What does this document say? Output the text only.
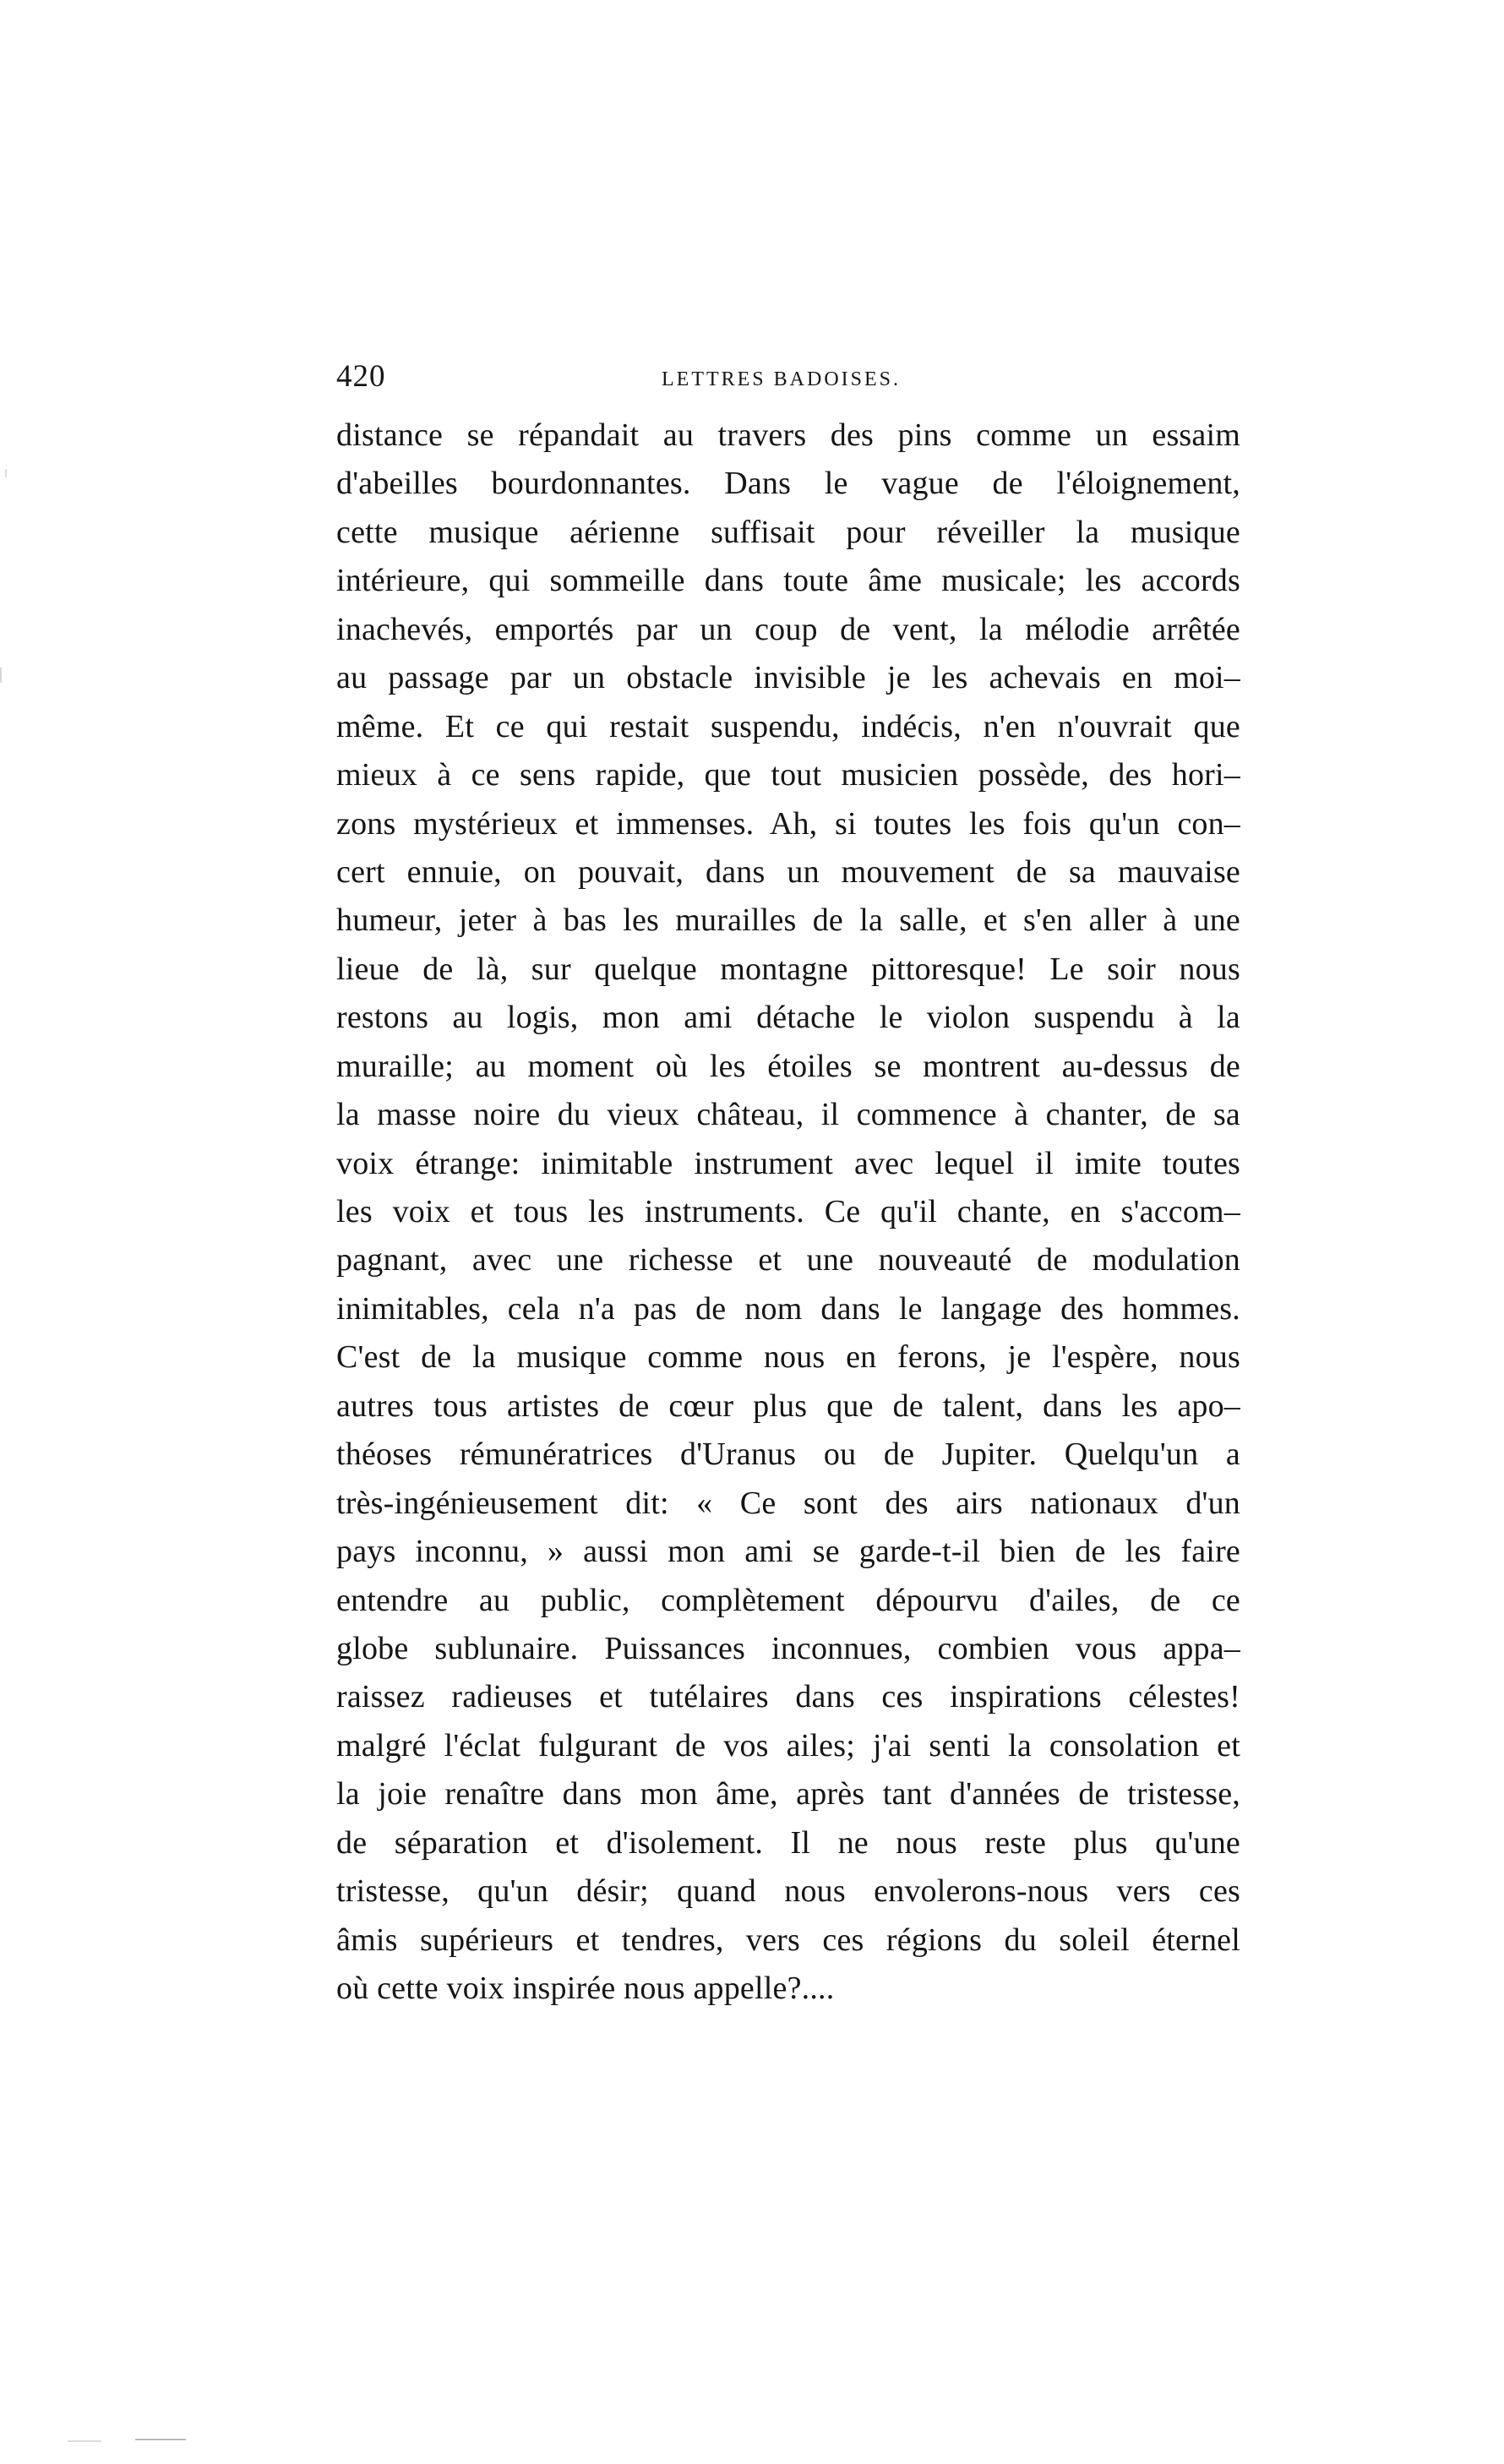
420	LETTRES BADOISES.
distance se répandait au travers des pins comme un essaim
d'abeilles bourdonnantes. Dans le vague de l'éloignement,
cette musique aérienne suffisait pour réveiller la musique
intérieure, qui sommeille dans toute âme musicale; les accords
inachevés, emportés par un coup de vent, la mélodie arrêtée
au passage par un obstacle invisible je les achevais en moi–
même. Et ce qui restait suspendu, indécis, n'en n'ouvrait que
mieux à ce sens rapide, que tout musicien possède, des hori–
zons mystérieux et immenses. Ah, si toutes les fois qu'un con–
cert ennuie, on pouvait, dans un mouvement de sa mauvaise
humeur, jeter à bas les murailles de la salle, et s'en aller à une
lieue de là, sur quelque montagne pittoresque! Le soir nous
restons au logis, mon ami détache le violon suspendu à la
muraille; au moment où les étoiles se montrent au-dessus de
la masse noire du vieux château, il commence à chanter, de sa
voix étrange: inimitable instrument avec lequel il imite toutes
les voix et tous les instruments. Ce qu'il chante, en s'accom–
pagnant, avec une richesse et une nouveauté de modulation
inimitables, cela n'a pas de nom dans le langage des hommes.
C'est de la musique comme nous en ferons, je l'espère, nous
autres tous artistes de cœur plus que de talent, dans les apo–
théoses rémunératrices d'Uranus ou de Jupiter. Quelqu'un a
très-ingénieusement dit: « Ce sont des airs nationaux d'un
pays inconnu, » aussi mon ami se garde-t-il bien de les faire
entendre au public, complètement dépourvu d'ailes, de ce
globe sublunaire. Puissances inconnues, combien vous appa–
raissez radieuses et tutélaires dans ces inspirations célestes!
malgré l'éclat fulgurant de vos ailes; j'ai senti la consolation et
la joie renaître dans mon âme, après tant d'années de tristesse,
de séparation et d'isolement. Il ne nous reste plus qu'une
tristesse, qu'un désir; quand nous envolerons-nous vers ces
âmis supérieurs et tendres, vers ces régions du soleil éternel
où cette voix inspirée nous appelle?....
